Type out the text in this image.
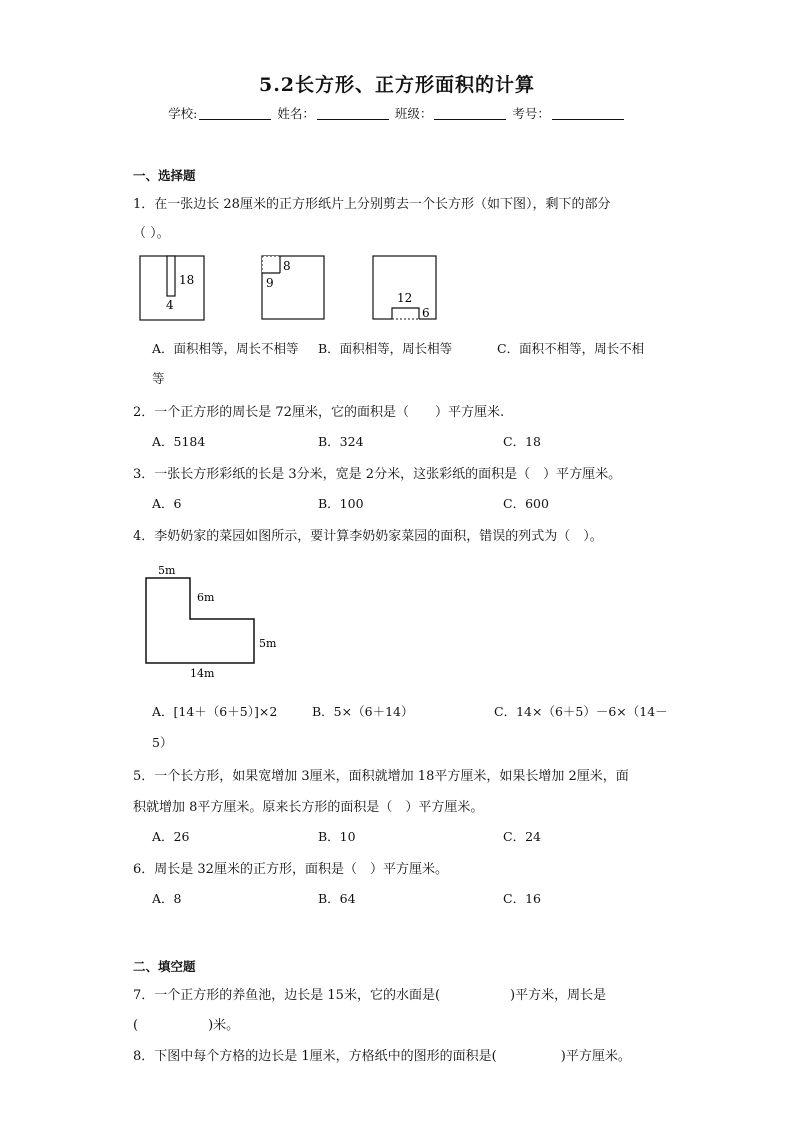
5.2长方形、正方形面积的计算
学校:	姓名：	班级：	考号：
一、选择题
1．在一张边长 28厘米的正方形纸片上分别剪去一个长方形（如下图），剩下的部分
（ ）。
18
4
8
9
12
6
A．面积相等，周长不相等 B．面积相等，周长相等	C．面积不相等，周长不相
等
2．一个正方形的周长是 72厘米，它的面积是（　　）平方厘米.
A．5184	B．324	C．18
3．一张长方形彩纸的长是 3分米，宽是 2分米，这张彩纸的面积是（　）平方厘米。
A．6	B．100	C．600
4．李奶奶家的菜园如图所示，要计算李奶奶家菜园的面积，错误的列式为（　）。
5m
6m
5m
14m
A．[14＋（6＋5）]×2	B．5×（6＋14）	C．14×（6＋5）－6×（14－
5）
5．一个长方形，如果宽增加 3厘米，面积就增加 18平方厘米，如果长增加 2厘米，面
积就增加 8平方厘米。原来长方形的面积是（　）平方厘米。
A．26	B．10	C．24
6．周长是 32厘米的正方形，面积是（　）平方厘米。
A．8	B．64	C．16
二、填空题
7．一个正方形的养鱼池，边长是 15米，它的水面是(	)平方米，周长是
(	)米。
8．下图中每个方格的边长是 1厘米，方格纸中的图形的面积是(	)平方厘米。
